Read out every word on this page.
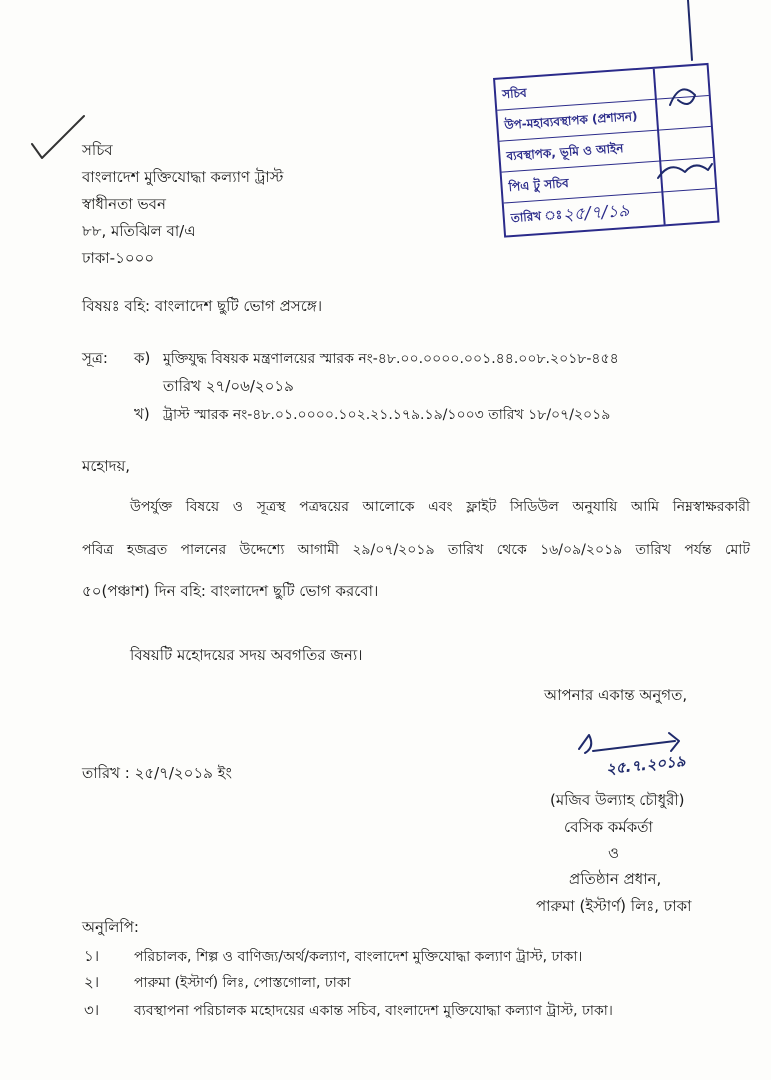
সচিব
বাংলাদেশ মুক্তিযোদ্ধা কল্যাণ ট্রাস্ট
স্বাধীনতা ভবন
৮৮, মতিঝিল বা/এ
ঢাকা-১০০০
সচিব
উপ-মহাব্যবস্থাপক (প্রশাসন)
ব্যবস্থাপক, ভূমি ও আইন
পিএ টু সচিব
তারিখ ঃ ২৫/৭/১৯
বিষয়ঃ বহি: বাংলাদেশ ছুটি ভোগ প্রসঙ্গে।
সূত্র: ক) মুক্তিযুদ্ধ বিষয়ক মন্ত্রণালয়ের স্মারক নং-৪৮.০০.০০০০.০০১.৪৪.০০৮.২০১৮-৪৫৪
তারিখ ২৭/০৬/২০১৯
খ) ট্রাস্ট স্মারক নং-৪৮.০১.০০০০.১০২.২১.১৭৯.১৯/১০০৩ তারিখ ১৮/০৭/২০১৯
মহোদয়,
উপর্যুক্ত বিষয়ে ও সূত্রস্থ পত্রদ্বয়ের আলোকে এবং ফ্লাইট সিডিউল অনুযায়ি আমি নিম্নস্বাক্ষরকারী
পবিত্র হজব্রত পালনের উদ্দেশ্যে আগামী ২৯/০৭/২০১৯ তারিখ থেকে ১৬/০৯/২০১৯ তারিখ পর্যন্ত মোট
৫০(পঞ্চাশ) দিন বহি: বাংলাদেশ ছুটি ভোগ করবো।
বিষয়টি মহোদয়ের সদয় অবগতির জন্য।
আপনার একান্ত অনুগত,
২৫.৭.২০১৯
তারিখ : ২৫/৭/২০১৯ ইং
(মজিব উল্যাহ চৌধুরী)
বেসিক কর্মকর্তা
ও
প্রতিষ্ঠান প্রধান,
পারুমা (ইস্টার্ণ) লিঃ, ঢাকা
অনুলিপি:
১। পরিচালক, শিল্প ও বাণিজ্য/অর্থ/কল্যাণ, বাংলাদেশ মুক্তিযোদ্ধা কল্যাণ ট্রাস্ট, ঢাকা।
২। পারুমা (ইস্টার্ণ) লিঃ, পোস্তগোলা, ঢাকা
৩। ব্যবস্থাপনা পরিচালক মহোদয়ের একান্ত সচিব, বাংলাদেশ মুক্তিযোদ্ধা কল্যাণ ট্রাস্ট, ঢাকা।
